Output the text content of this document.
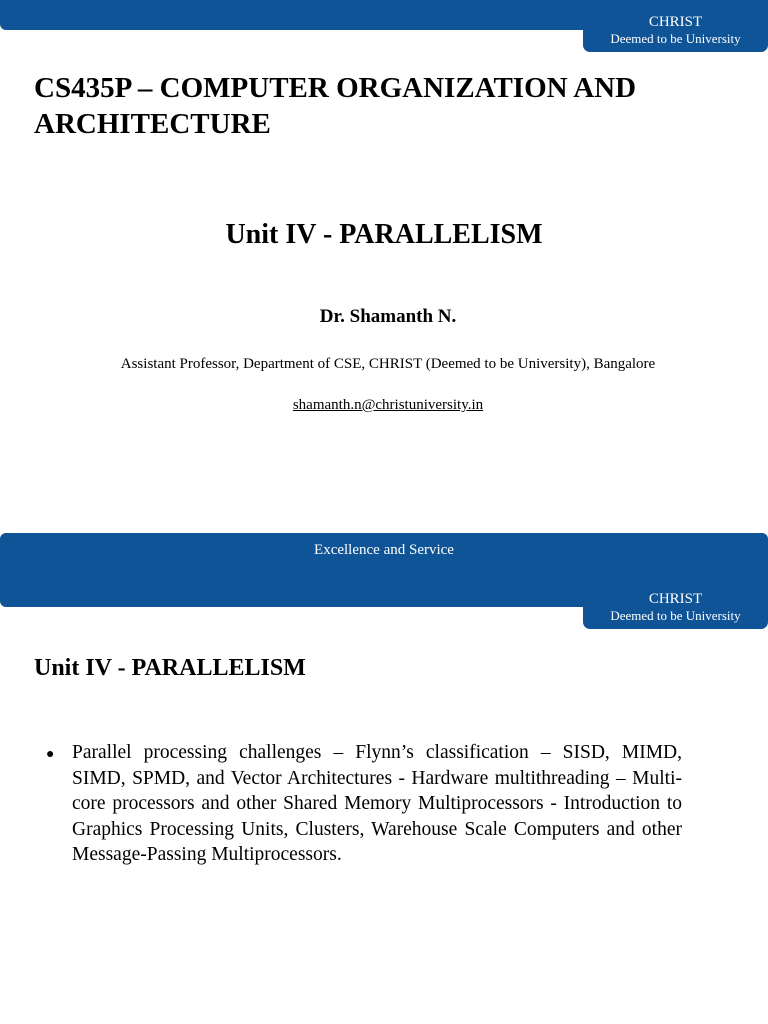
CHRIST
Deemed to be University
CS435P – COMPUTER ORGANIZATION AND ARCHITECTURE
Unit IV - PARALLELISM
Dr. Shamanth N.
Assistant Professor, Department of CSE, CHRIST (Deemed to be University), Bangalore
shamanth.n@christuniversity.in
Excellence and Service
CHRIST
Deemed to be University
Unit IV - PARALLELISM
● Parallel processing challenges – Flynn’s classification – SISD, MIMD, SIMD, SPMD, and Vector Architectures - Hardware multithreading – Multi-core processors and other Shared Memory Multiprocessors - Introduction to Graphics Processing Units, Clusters, Warehouse Scale Computers and other Message-Passing Multiprocessors.
